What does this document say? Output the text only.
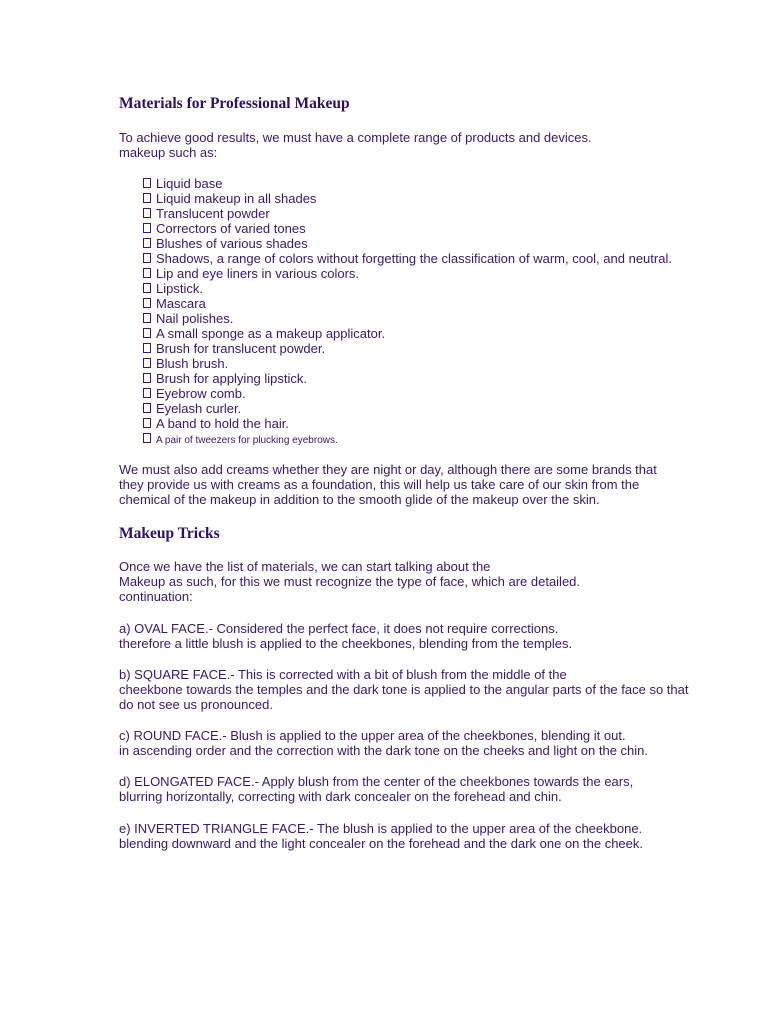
Materials for Professional Makeup

To achieve good results, we must have a complete range of products and devices.

makeup such as:

Liquid base
Liquid makeup in all shades
Translucent powder
Correctors of varied tones
Blushes of various shades
Shadows, a range of colors without forgetting the classification of warm, cool, and neutral.
Lip and eye liners in various colors.
Lipstick.
Mascara
Nail polishes.
A small sponge as a makeup applicator.
Brush for translucent powder.
Blush brush.
Brush for applying lipstick.
Eyebrow comb.
Eyelash curler.
A band to hold the hair.
A pair of tweezers for plucking eyebrows.

We must also add creams whether they are night or day, although there are some brands that

they provide us with creams as a foundation, this will help us take care of our skin from the

chemical of the makeup in addition to the smooth glide of the makeup over the skin.

Makeup Tricks

Once we have the list of materials, we can start talking about the

Makeup as such, for this we must recognize the type of face, which are detailed.

continuation:

a) OVAL FACE.- Considered the perfect face, it does not require corrections.

therefore a little blush is applied to the cheekbones, blending from the temples.

b) SQUARE FACE.- This is corrected with a bit of blush from the middle of the

cheekbone towards the temples and the dark tone is applied to the angular parts of the face so that

do not see us pronounced.

c) ROUND FACE.- Blush is applied to the upper area of the cheekbones, blending it out.

in ascending order and the correction with the dark tone on the cheeks and light on the chin.

d) ELONGATED FACE.- Apply blush from the center of the cheekbones towards the ears,

blurring horizontally, correcting with dark concealer on the forehead and chin.

e) INVERTED TRIANGLE FACE.- The blush is applied to the upper area of the cheekbone.

blending downward and the light concealer on the forehead and the dark one on the cheek.
